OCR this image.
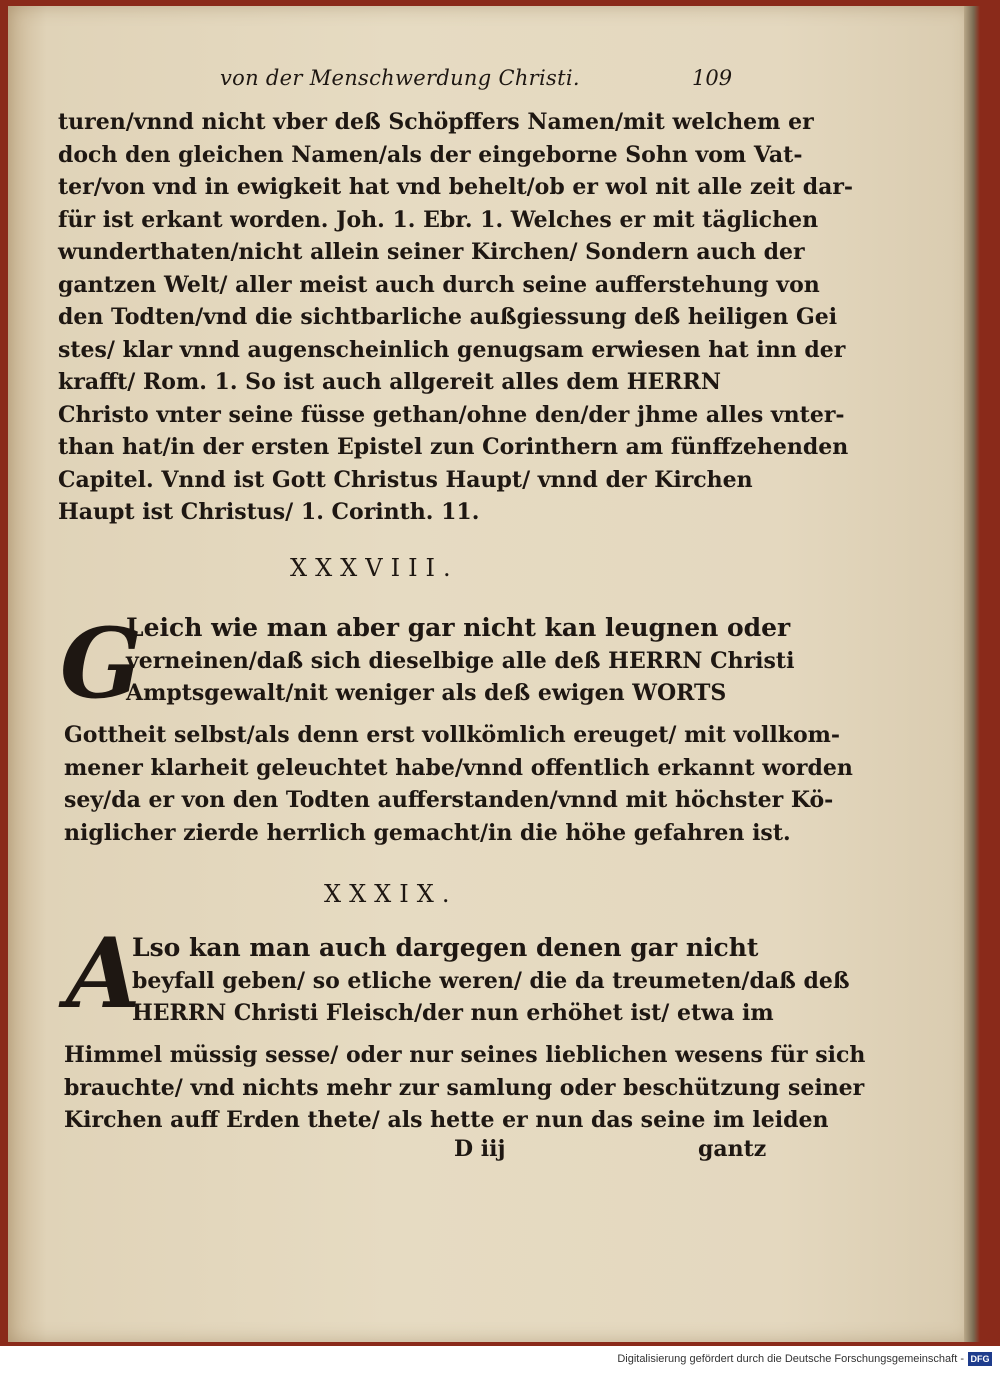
von der Menschwerdung Christi.	109
turen/vnnd nicht vber deß Schöpffers Namen/mit welchem er
doch den gleichen Namen/als der eingeborne Sohn vom Vat-
ter/von vnd in ewigkeit hat vnd behelt/ob er wol nit alle zeit dar-
für ist erkant worden. Joh. 1. Ebr. 1. Welches er mit täglichen
wunderthaten/nicht allein seiner Kirchen/ Sondern auch der
gantzen Welt/ aller meist auch durch seine aufferstehung von
den Todten/vnd die sichtbarliche außgiessung deß heiligen Gei
stes/ klar vnnd augenscheinlich genugsam erwiesen hat inn der
krafft/ Rom. 1. So ist auch allgereit alles dem HERRN
Christo vnter seine füsse gethan/ohne den/der jhme alles vnter-
than hat/in der ersten Epistel zun Corinthern am fünffzehenden
Capitel. Vnnd ist Gott Christus Haupt/ vnnd der Kirchen
Haupt ist Christus/ 1. Corinth. 11.
XXXVIII.
G
Leich wie man aber gar nicht kan leugnen oder
verneinen/daß sich dieselbige alle deß HERRN Christi
Amptsgewalt/nit weniger als deß ewigen WORTS
Gottheit selbst/als denn erst vollkömlich ereuget/ mit vollkom-
mener klarheit geleuchtet habe/vnnd offentlich erkannt worden
sey/da er von den Todten aufferstanden/vnnd mit höchster Kö-
niglicher zierde herrlich gemacht/in die höhe gefahren ist.
XXXIX.
A
Lso kan man auch dargegen denen gar nicht
beyfall geben/ so etliche weren/ die da treumeten/daß deß
HERRN Christi Fleisch/der nun erhöhet ist/ etwa im
Himmel müssig sesse/ oder nur seines lieblichen wesens für sich
brauchte/ vnd nichts mehr zur samlung oder beschützung seiner
Kirchen auff Erden thete/ als hette er nun das seine im leiden
D iij	gantz
Digitalisierung gefördert durch die Deutsche Forschungsgemeinschaft - DFG
